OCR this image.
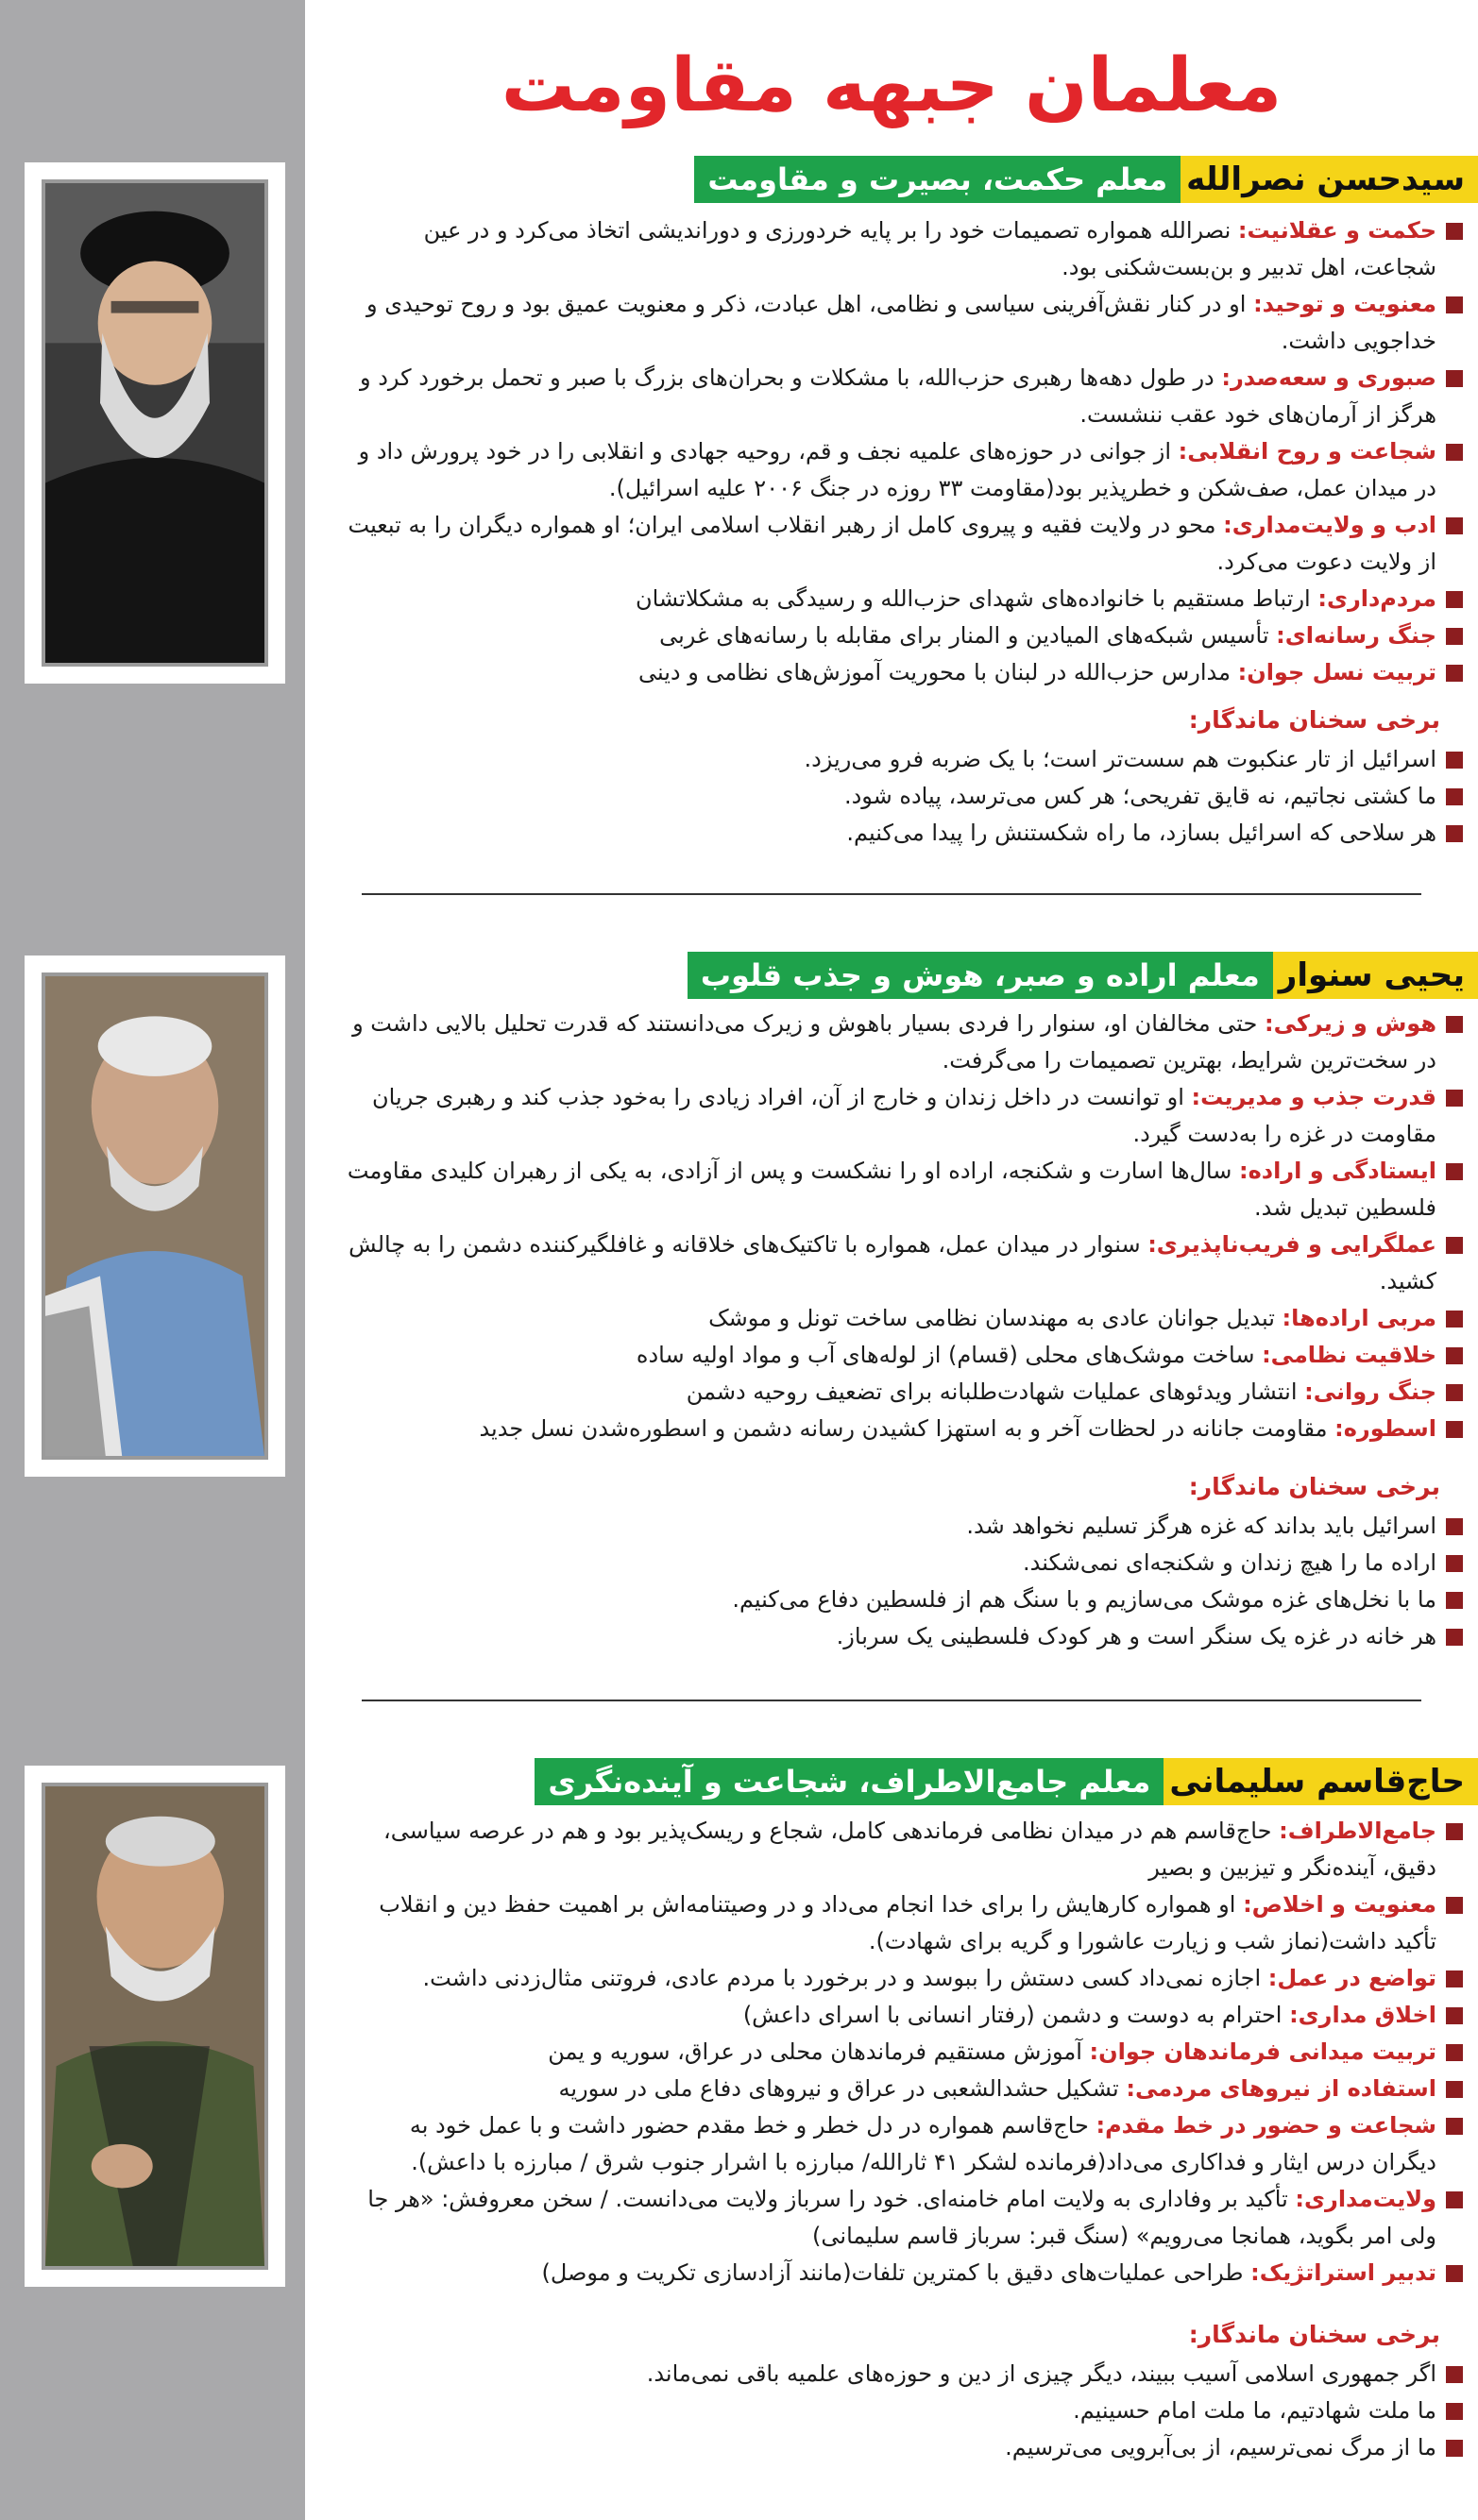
معلمان جبهه مقاومت
سیدحسن نصرالله
معلم حکمت، بصیرت و مقاومت
حکمت و عقلانیت: نصرالله همواره تصمیمات خود را بر پایه خردورزی و دوراندیشی اتخاذ می‌کرد و در عین شجاعت، اهل تدبیر و بن‌بست‌شکنی بود.
معنویت و توحید: او در کنار نقش‌آفرینی سیاسی و نظامی، اهل عبادت، ذکر و معنویت عمیق بود و روح توحیدی و خداجویی داشت.
صبوری و سعه‌صدر: در طول دهه‌ها رهبری حزب‌الله، با مشکلات و بحران‌های بزرگ با صبر و تحمل برخورد کرد و هرگز از آرمان‌های خود عقب ننشست.
شجاعت و روح انقلابی: از جوانی در حوزه‌های علمیه نجف و قم، روحیه جهادی و انقلابی را در خود پرورش داد و در میدان عمل، صف‌شکن و خطرپذیر بود(مقاومت ۳۳ روزه در جنگ ۲۰۰۶ علیه اسرائیل).
ادب و ولایت‌مداری: محو در ولایت فقیه و پیروی کامل از رهبر انقلاب اسلامی ایران؛ او همواره دیگران را به تبعیت از ولایت دعوت می‌کرد.
مردم‌داری: ارتباط مستقیم با خانواده‌های شهدای حزب‌الله و رسیدگی به مشکلاتشان
جنگ رسانه‌ای: تأسیس شبکه‌های المیادین و المنار برای مقابله با رسانه‌های غربی
تربیت نسل جوان: مدارس حزب‌الله در لبنان با محوریت آموزش‌های نظامی و دینی
برخی سخنان ماندگار:
اسرائیل از تار عنکبوت هم سست‌تر است؛ با یک ضربه فرو می‌ریزد.
ما کشتی نجاتیم، نه قایق تفریحی؛ هر کس می‌ترسد، پیاده شود.
هر سلاحی که اسرائیل بسازد، ما راه شکستنش را پیدا می‌کنیم.
یحیی سنوار
معلم اراده و صبر، هوش و جذب قلوب
هوش و زیرکی: حتی مخالفان او، سنوار را فردی بسیار باهوش و زیرک می‌دانستند که قدرت تحلیل بالایی داشت و در سخت‌ترین شرایط، بهترین تصمیمات را می‌گرفت.
قدرت جذب و مدیریت: او توانست در داخل زندان و خارج از آن، افراد زیادی را به‌خود جذب کند و رهبری جریان مقاومت در غزه را به‌دست گیرد.
ایستادگی و اراده: سال‌ها اسارت و شکنجه، اراده او را نشکست و پس از آزادی، به یکی از رهبران کلیدی مقاومت فلسطین تبدیل شد.
عملگرایی و فریب‌ناپذیری: سنوار در میدان عمل، همواره با تاکتیک‌های خلاقانه و غافلگیرکننده دشمن را به چالش کشید.
مربی اراده‌ها: تبدیل جوانان عادی به مهندسان نظامی ساخت تونل و موشک
خلاقیت نظامی: ساخت موشک‌های محلی (قسام) از لوله‌های آب و مواد اولیه ساده
جنگ روانی: انتشار ویدئوهای عملیات شهادت‌طلبانه برای تضعیف روحیه دشمن
اسطوره: مقاومت جانانه در لحظات آخر و به استهزا کشیدن رسانه دشمن و اسطوره‌شدن نسل جدید
برخی سخنان ماندگار:
اسرائیل باید بداند که غزه هرگز تسلیم نخواهد شد.
اراده ما را هیچ زندان و شکنجه‌ای نمی‌شکند.
ما با نخل‌های غزه موشک می‌سازیم و با سنگ هم از فلسطین دفاع می‌کنیم.
هر خانه در غزه یک سنگر است و هر کودک فلسطینی یک سرباز.
حاج‌قاسم سلیمانی
معلم جامع‌الاطراف، شجاعت و آینده‌نگری
جامع‌الاطراف: حاج‌قاسم هم در میدان نظامی فرماندهی کامل، شجاع و ریسک‌پذیر بود و هم در عرصه سیاسی، دقیق، آینده‌نگر و تیزبین و بصیر
معنویت و اخلاص: او همواره کارهایش را برای خدا انجام می‌داد و در وصیتنامه‌اش بر اهمیت حفظ دین و انقلاب تأکید داشت(نماز شب و زیارت عاشورا و گریه برای شهادت).
تواضع در عمل: اجازه نمی‌داد کسی دستش را ببوسد و در برخورد با مردم عادی، فروتنی مثال‌زدنی داشت.
اخلاق مداری: احترام به دوست و دشمن (رفتار انسانی با اسرای داعش)
تربیت میدانی فرماندهان جوان: آموزش مستقیم فرماندهان محلی در عراق، سوریه و یمن
استفاده از نیروهای مردمی: تشکیل حشدالشعبی در عراق و نیروهای دفاع ملی در سوریه
شجاعت و حضور در خط مقدم: حاج‌قاسم همواره در دل خطر و خط مقدم حضور داشت و با عمل خود به دیگران درس ایثار و فداکاری می‌داد(فرمانده لشکر ۴۱ ثارالله/ مبارزه با اشرار جنوب شرق / مبارزه با داعش).
ولایت‌مداری: تأکید بر وفاداری به ولایت امام خامنه‌ای. خود را سرباز ولایت می‌دانست. / سخن معروفش: «هر جا ولی امر بگوید، همانجا می‌رویم» (سنگ قبر: سرباز قاسم سلیمانی)
تدبیر استراتژیک: طراحی عملیات‌های دقیق با کمترین تلفات(مانند آزادسازی تکریت و موصل)
برخی سخنان ماندگار:
اگر جمهوری اسلامی آسیب ببیند، دیگر چیزی از دین و حوزه‌های علمیه باقی نمی‌ماند.
ما ملت شهادتیم، ما ملت امام حسینیم.
ما از مرگ نمی‌ترسیم، از بی‌آبرویی می‌ترسیم.
